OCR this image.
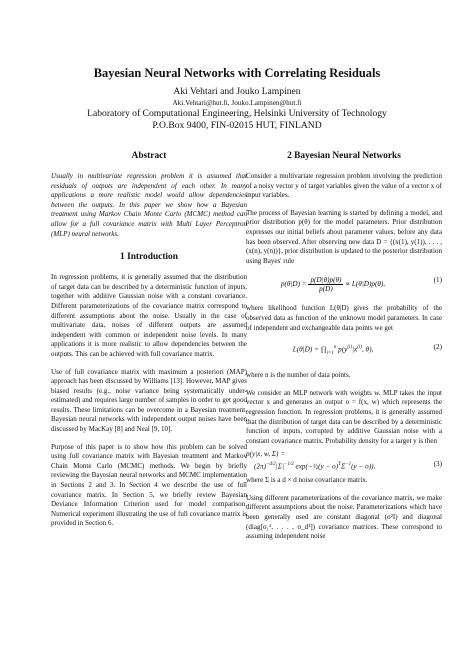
Bayesian Neural Networks with Correlating Residuals
Aki Vehtari and Jouko Lampinen
Aki.Vehtari@hut.fi, Jouko.Lampinen@hut.fi
Laboratory of Computational Engineering, Helsinki University of Technology
P.O.Box 9400, FIN-02015 HUT, FINLAND
Abstract

Usually in multivariate regression problem it is assumed that residuals of outputs are independent of each other. In many applications a more realistic model would allow dependencies between the outputs. In this paper we show how a Bayesian treatment using Markov Chain Monte Carlo (MCMC) method can allow for a full covariance matrix with Multi Layer Perceptron (MLP) neural networks.

1 Introduction

In regression problems, it is generally assumed that the distribution of target data can be described by a deterministic function of inputs, together with additive Gaussian noise with a constant covariance. Different parameterizations of the covariance matrix correspond to different assumptions about the noise. Usually in the case of multivariate data, noises of different outputs are assumed independent with common or independent noise levels. In many applications it is more realistic to allow dependencies between the outputs. This can be achieved with full covariance matrix.

Use of full covariance matrix with maximum a posteriori (MAP) approach has been discussed by Williams [13]. However, MAP gives biased results (e.g., noise variance being systematically under-estimated) and requires large number of samples in order to get good results. These limitations can be overcome in a Bayesian treatment. Bayesian neural networks with independent output noises have been discussed by MacKay [8] and Neal [9, 10].

Purpose of this paper is to show how this problem can be solved using full covariance matrix with Bayesian treatment and Markov Chain Monte Carlo (MCMC) methods. We begin by briefly reviewing the Bayesian neural networks and MCMC implementation in Sections 2 and 3. In Section 4 we describe the use of full covariance matrix. In Section 5, we briefly review Bayesian Deviance Information Criterion used for model comparison. Numerical experiment illustrating the use of full covariance matrix is provided in Section 6.

2 Bayesian Neural Networks

Consider a multivariate regression problem involving the prediction of a noisy vector y of target variables given the value of a vector x of input variables.

The process of Bayesian learning is started by defining a model, and prior distribution p(θ) for the model parameters. Prior distribution expresses our initial beliefs about parameter values, before any data has been observed. After observing new data D = {(x(1), y(1)), . . . , (x(n), y(n))}, prior distribution is updated to the posterior distribution using Bayes' rule

$p(\theta|D) = \frac{p(D|\theta)p(\theta)}{p(D)} \propto L(\theta|D)p(\theta)$,
(1)

where likelihood function L(θ|D) gives the probability of the observed data as function of the unknown model parameters. In case of independent and exchangeable data points we get

$L(\theta|D) = \prod_{i=1}^n$ $p(y^{(i)}|x^{(i)}$, θ),	(2)

where n is the number of data points.

We consider an MLP network with weights w. MLP takes the input vector x and generates an output o = f(x, w) which represents the regression function. In regression problems, it is generally assumed that the distribution of target data can be described by a deterministic function of inputs, corrupted by additive Gaussian noise with a constant covariance matrix. Probability density for a target y is then

p(y|x, w, Σ) =
$(2\pi)^{-d/2}|\Sigma|^{-1/2}$ exp(−½(y − $o)^T\Sigma^{-1}(y - o)$),	(3)

where Σ is a d × d noise covariance matrix.

Using different parameterizations of the covariance matrix, we make different assumptions about the noise. Parameterizations which have been generally used are constant diagonal (σ²I) and diagonal (diag[σ₁², . . . , σ_d²]) covariance matrices. These correspond to assuming independent noise
